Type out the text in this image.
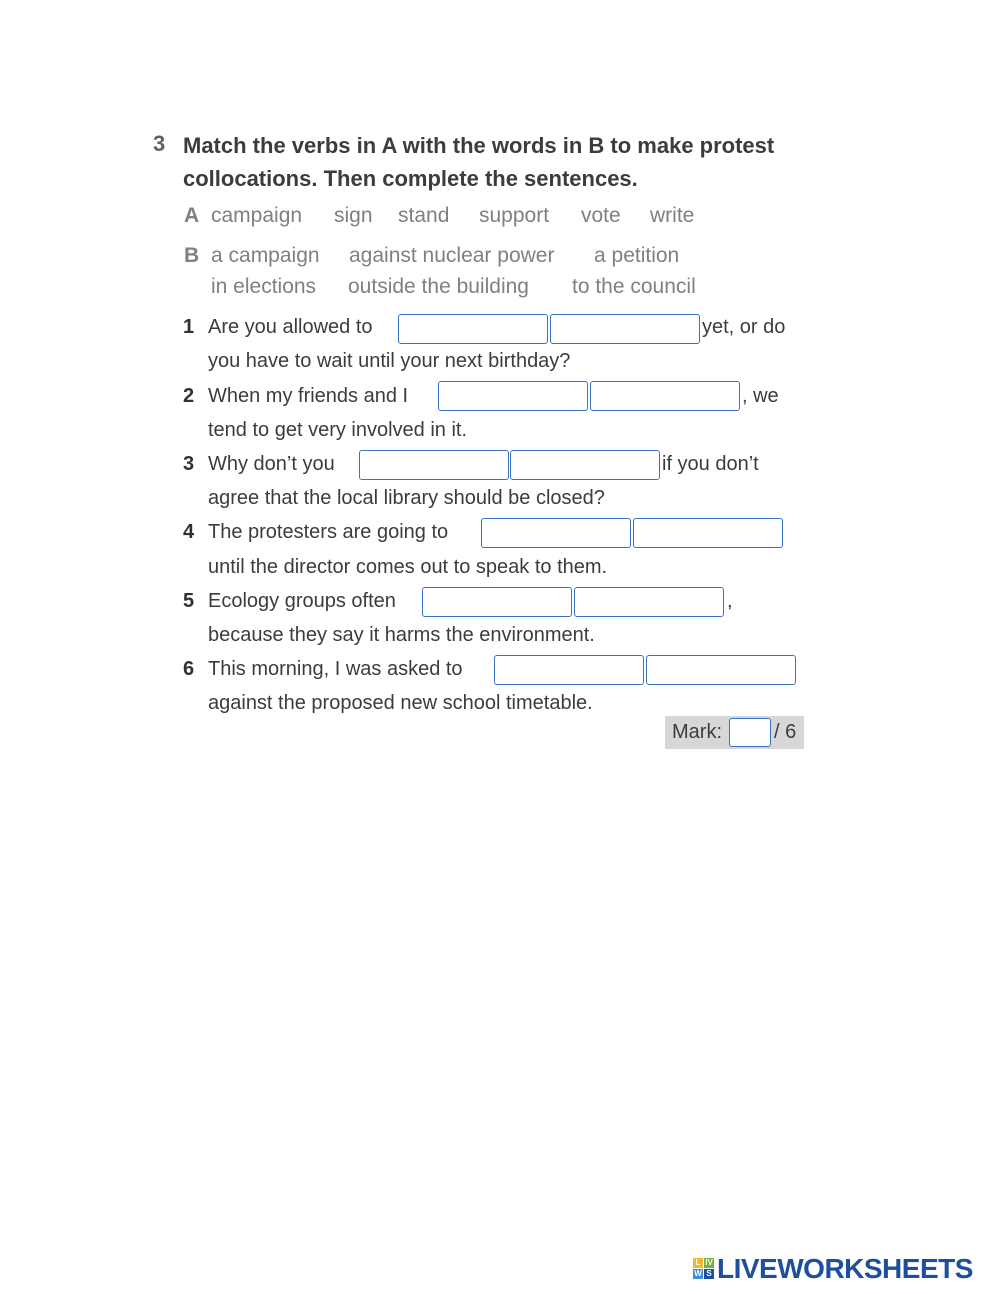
3 Match the verbs in A with the words in B to make protest
collocations. Then complete the sentences.
A campaign sign stand support vote write
B a campaign against nuclear power a petition
in elections outside the building to the council
1 Are you allowed to	yet, or do
you have to wait until your next birthday?
2 When my friends and I	, we
tend to get very involved in it.
3 Why don’t you	if you don’t
agree that the local library should be closed?
4 The protesters are going to
until the director comes out to speak to them.
5 Ecology groups often	,
because they say it harms the environment.
6 This morning, I was asked to
against the proposed new school timetable.
Mark:	/ 6
L IV
W S LIVEWORKSHEETS
